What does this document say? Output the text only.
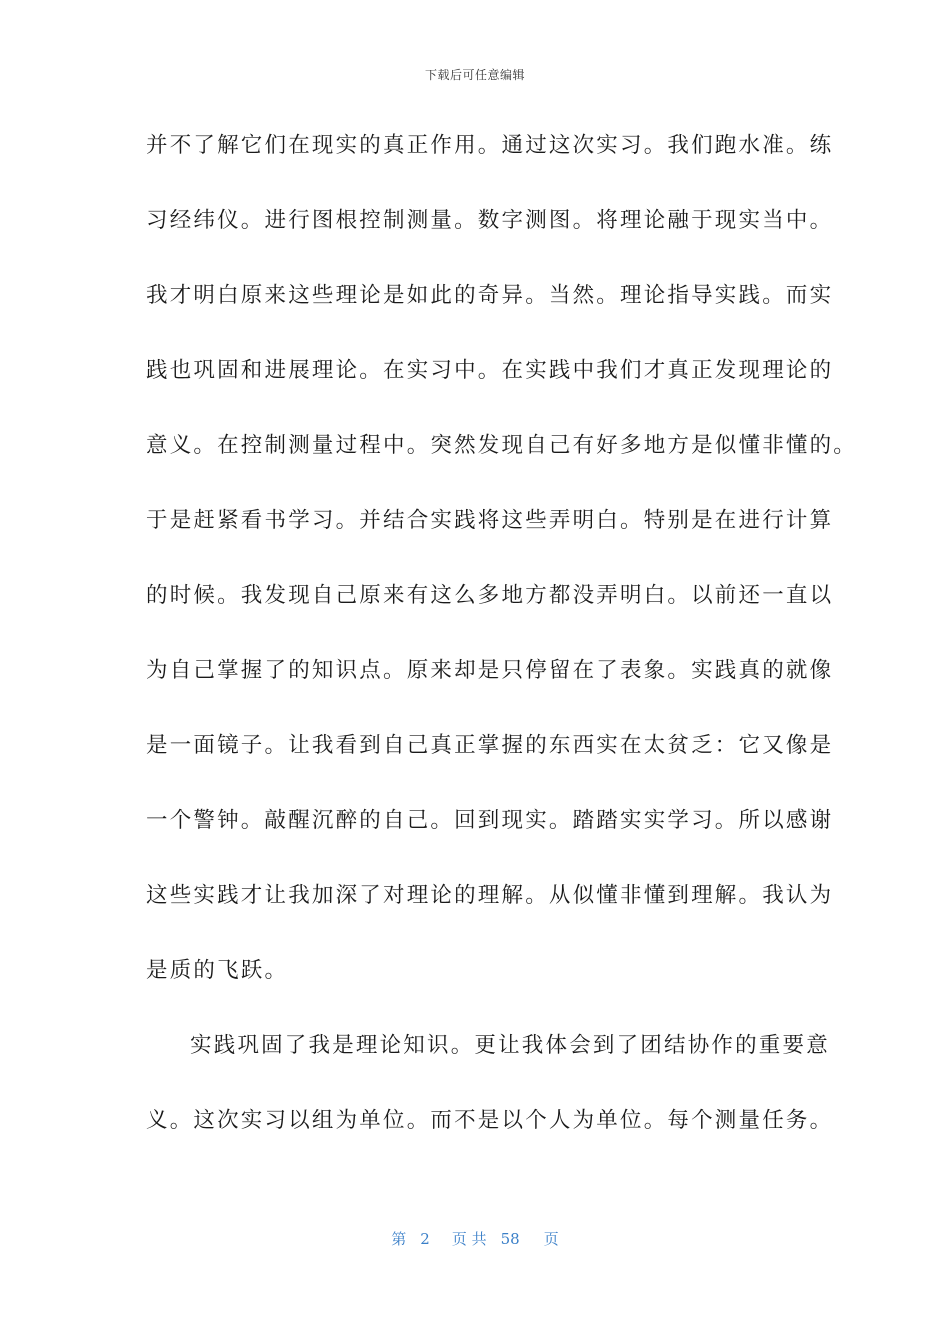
下载后可任意编辑
并不了解它们在现实的真正作用。通过这次实习。我们跑水准。练
习经纬仪。进行图根控制测量。数字测图。将理论融于现实当中。
我才明白原来这些理论是如此的奇异。当然。理论指导实践。而实
践也巩固和进展理论。在实习中。在实践中我们才真正发现理论的
意义。在控制测量过程中。突然发现自己有好多地方是似懂非懂的。
于是赶紧看书学习。并结合实践将这些弄明白。特别是在进行计算
的时候。我发现自己原来有这么多地方都没弄明白。以前还一直以
为自己掌握了的知识点。原来却是只停留在了表象。实践真的就像
是一面镜子。让我看到自己真正掌握的东西实在太贫乏：它又像是
一个警钟。敲醒沉醉的自己。回到现实。踏踏实实学习。所以感谢
这些实践才让我加深了对理论的理解。从似懂非懂到理解。我认为
是质的飞跃。
实践巩固了我是理论知识。更让我体会到了团结协作的重要意
义。这次实习以组为单位。而不是以个人为单位。每个测量任务。
第 2 页 共 58 页
